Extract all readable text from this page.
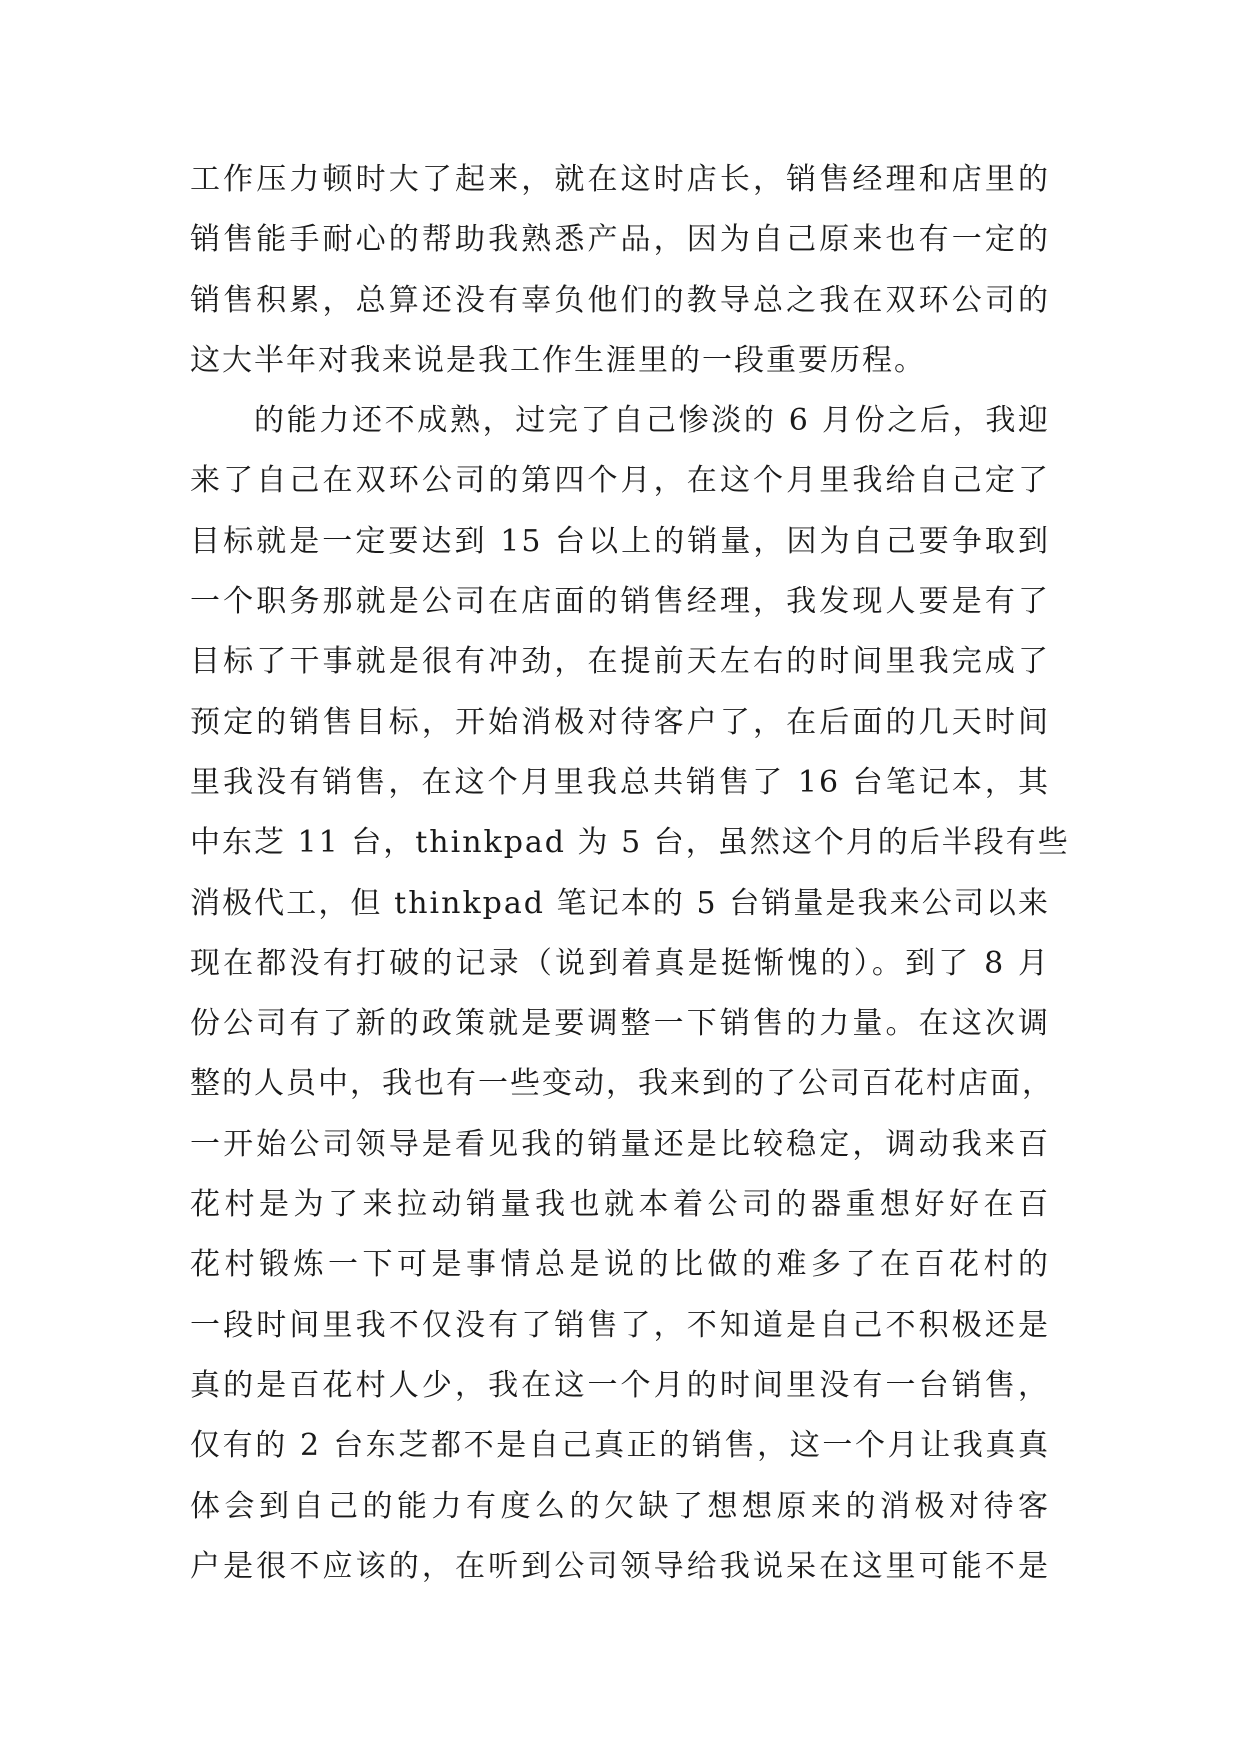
工作压力顿时大了起来，就在这时店长，销售经理和店里的
销售能手耐心的帮助我熟悉产品，因为自己原来也有一定的
销售积累，总算还没有辜负他们的教导总之我在双环公司的
这大半年对我来说是我工作生涯里的一段重要历程。
的能力还不成熟，过完了自己惨淡的 6 月份之后，我迎
来了自己在双环公司的第四个月，在这个月里我给自己定了
目标就是一定要达到 15 台以上的销量，因为自己要争取到
一个职务那就是公司在店面的销售经理，我发现人要是有了
目标了干事就是很有冲劲，在提前天左右的时间里我完成了
预定的销售目标，开始消极对待客户了，在后面的几天时间
里我没有销售，在这个月里我总共销售了 16 台笔记本，其
中东芝 11 台，thinkpad 为 5 台，虽然这个月的后半段有些
消极代工，但 thinkpad 笔记本的 5 台销量是我来公司以来
现在都没有打破的记录（说到着真是挺惭愧的）。到了 8 月
份公司有了新的政策就是要调整一下销售的力量。在这次调
整的人员中，我也有一些变动，我来到的了公司百花村店面，
一开始公司领导是看见我的销量还是比较稳定，调动我来百
花村是为了来拉动销量我也就本着公司的器重想好好在百
花村锻炼一下可是事情总是说的比做的难多了在百花村的
一段时间里我不仅没有了销售了，不知道是自己不积极还是
真的是百花村人少，我在这一个月的时间里没有一台销售，
仅有的 2 台东芝都不是自己真正的销售，这一个月让我真真
体会到自己的能力有度么的欠缺了想想原来的消极对待客
户是很不应该的，在听到公司领导给我说呆在这里可能不是
